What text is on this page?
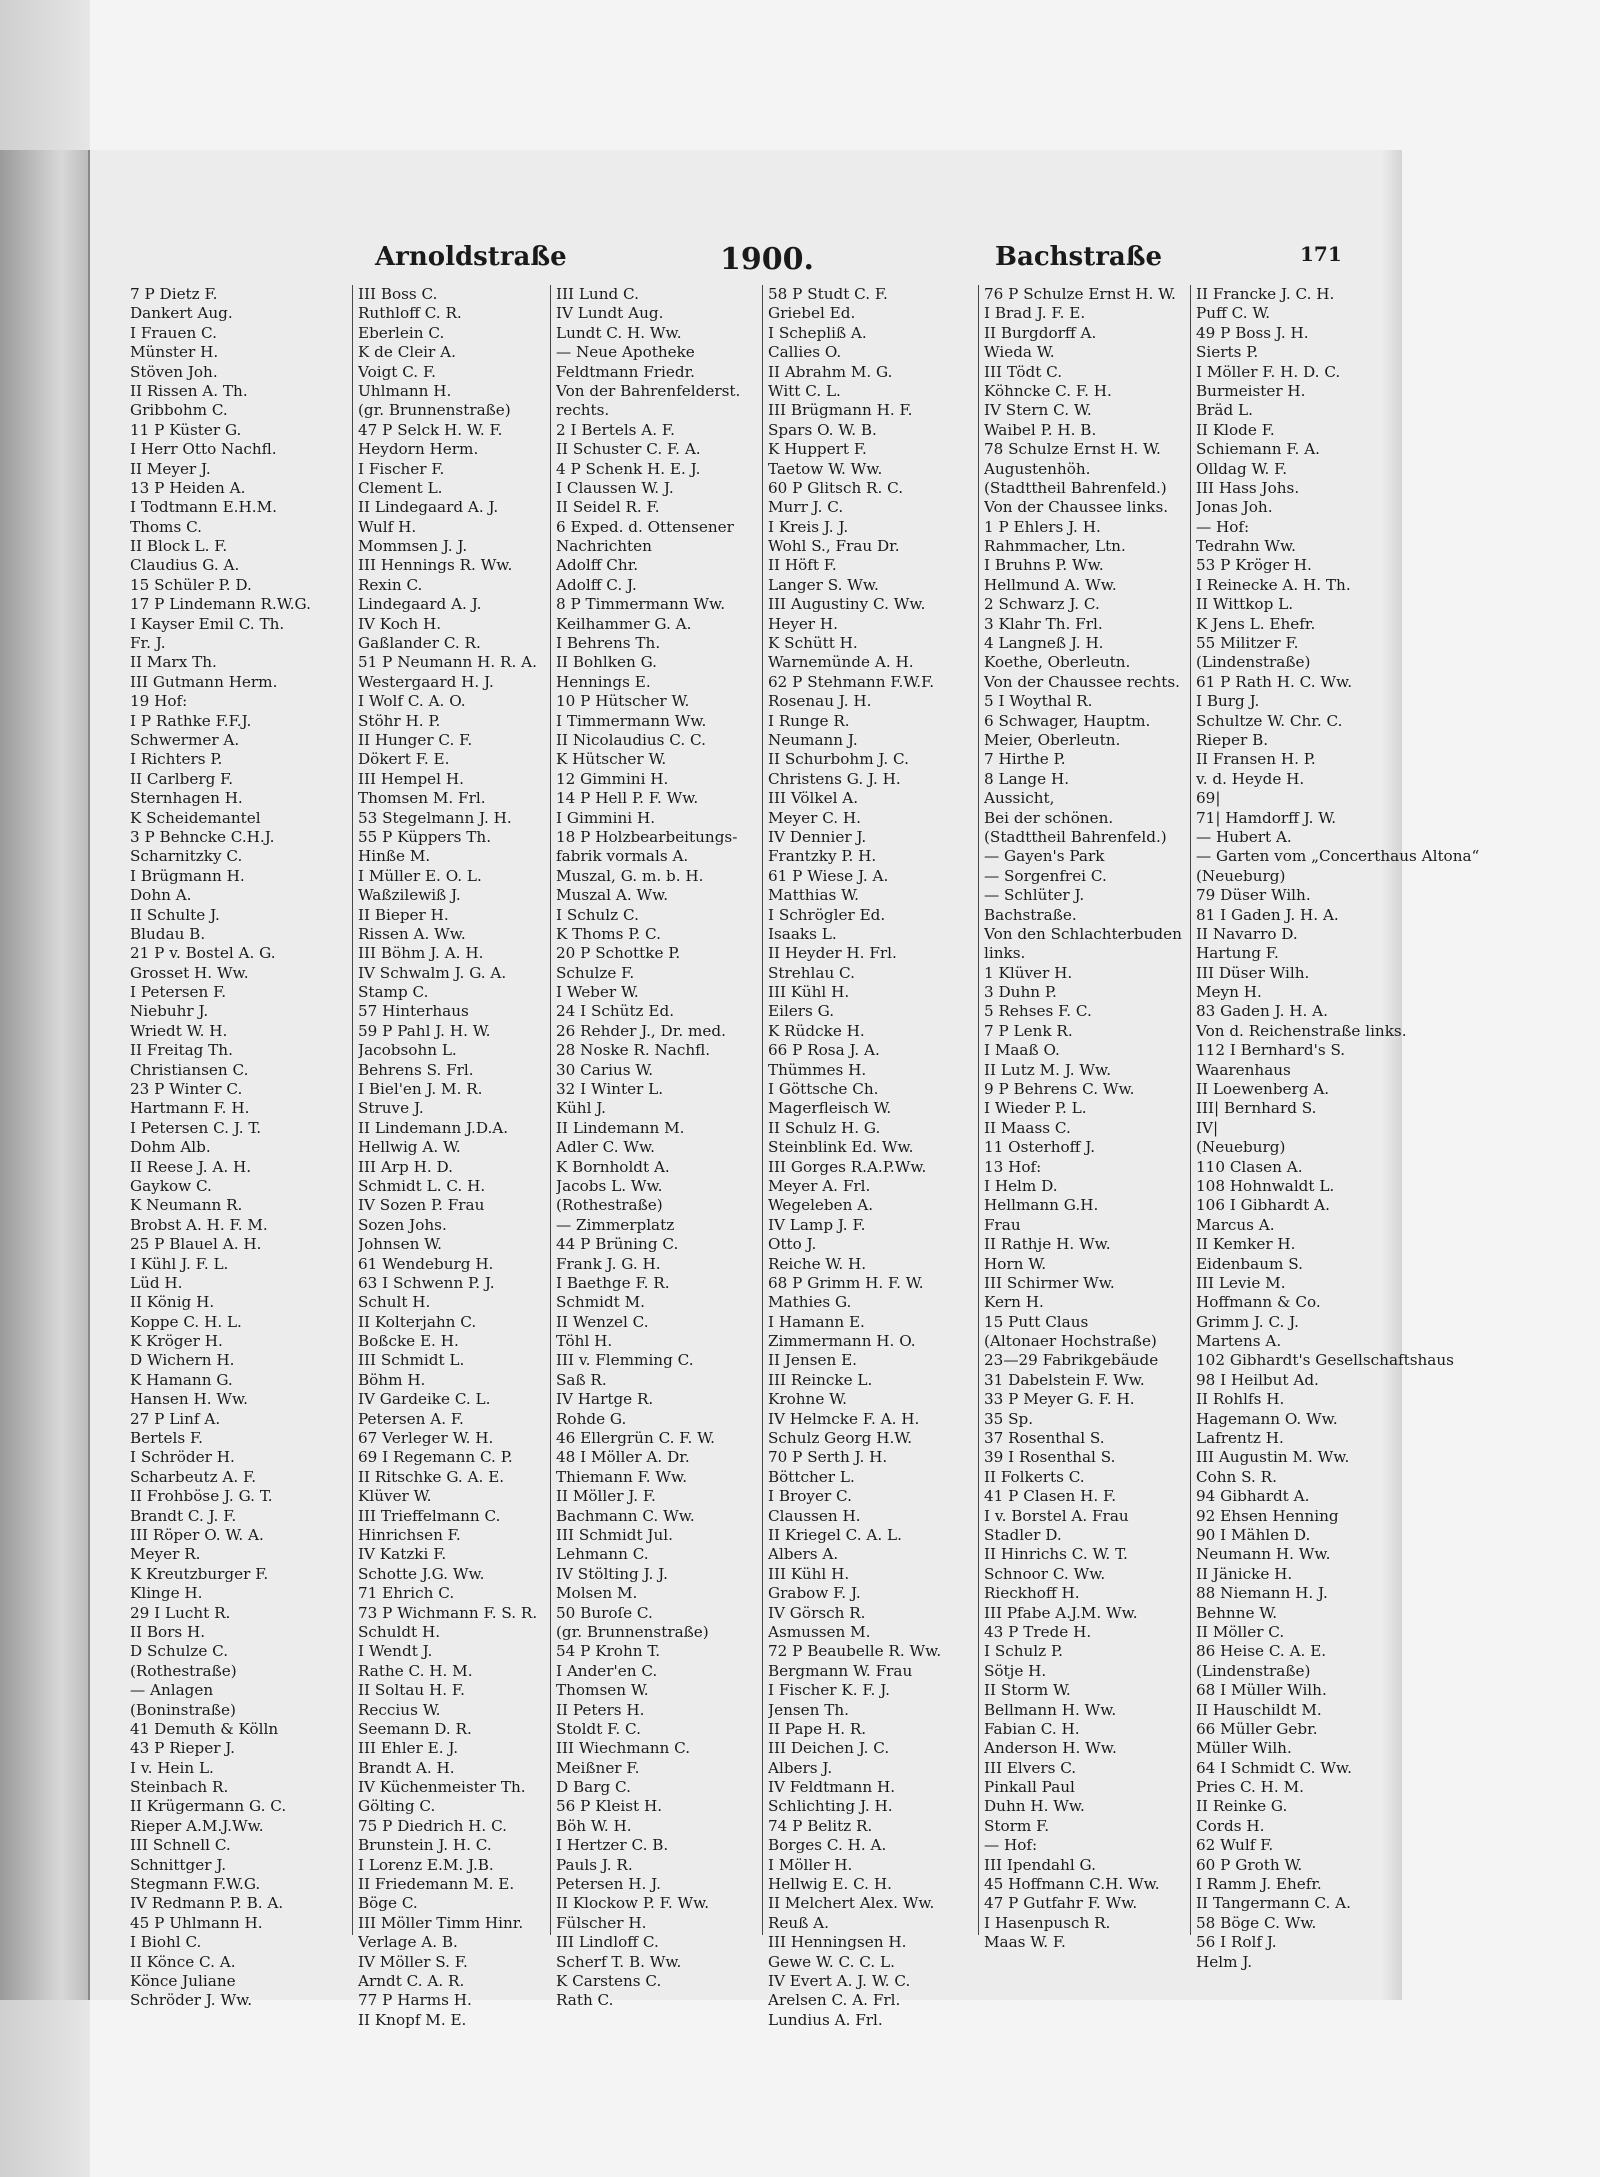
Arnoldstraße	1900.	Bachstraße	171
7 P Dietz F.
Dankert Aug.
I Frauen C.
Münster H.
Stöven Joh.
II Rissen A. Th.
Gribbohm C.
11 P Küster G.
I Herr Otto Nachfl.
II Meyer J.
13 P Heiden A.
I Todtmann E.H.M.
Thoms C.
II Block L. F.
Claudius G. A.
15 Schüler P. D.
17 P Lindemann R.W.G.
I Kayser Emil C. Th.
Fr. J.
II Marx Th.
III Gutmann Herm.
19 Hof:
I P Rathke F.F.J.
Schwermer A.
I Richters P.
II Carlberg F.
Sternhagen H.
K Scheidemantel
3 P Behncke C.H.J.
Scharnitzky C.
I Brügmann H.
Dohn A.
II Schulte J.
Bludau B.
21 P v. Bostel A. G.
Grosset H. Ww.
I Petersen F.
Niebuhr J.
Wriedt W. H.
II Freitag Th.
Christiansen C.
23 P Winter C.
Hartmann F. H.
I Petersen C. J. T.
Dohm Alb.
II Reese J. A. H.
Gaykow C.
K Neumann R.
Brobst A. H. F. M.
25 P Blauel A. H.
I Kühl J. F. L.
Lüd H.
II König H.
Koppe C. H. L.
K Kröger H.
D Wichern H.
K Hamann G.
Hansen H. Ww.
27 P Linf A.
Bertels F.
I Schröder H.
Scharbeutz A. F.
II Frohböse J. G. T.
Brandt C. J. F.
III Röper O. W. A.
Meyer R.
K Kreutzburger F.
Klinge H.
29 I Lucht R.
II Bors H.
D Schulze C.
(Rothestraße)
— Anlagen
(Boninstraße)
41 Demuth & Kölln
43 P Rieper J.
I v. Hein L.
Steinbach R.
II Krügermann G. C.
Rieper A.M.J.Ww.
III Schnell C.
Schnittger J.
Stegmann F.W.G.
IV Redmann P. B. A.
45 P Uhlmann H.
I Biohl C.
II Könce C. A.
Könce Juliane
Schröder J. Ww.
III Boss C.
Ruthloff C. R.
Eberlein C.
K de Cleir A.
Voigt C. F.
Uhlmann H.
(gr. Brunnenstraße)
47 P Selck H. W. F.
Heydorn Herm.
I Fischer F.
Clement L.
II Lindegaard A. J.
Wulf H.
Mommsen J. J.
III Hennings R. Ww.
Rexin C.
Lindegaard A. J.
IV Koch H.
Gaßlander C. R.
51 P Neumann H. R. A.
Westergaard H. J.
I Wolf C. A. O.
Stöhr H. P.
II Hunger C. F.
Dökert F. E.
III Hempel H.
Thomsen M. Frl.
53 Stegelmann J. H.
55 P Küppers Th.
Hinße M.
I Müller E. O. L.
Waßzilewiß J.
II Bieper H.
Rissen A. Ww.
III Böhm J. A. H.
IV Schwalm J. G. A.
Stamp C.
57 Hinterhaus
59 P Pahl J. H. W.
Jacobsohn L.
Behrens S. Frl.
I Biel'en J. M. R.
Struve J.
II Lindemann J.D.A.
Hellwig A. W.
III Arp H. D.
Schmidt L. C. H.
IV Sozen P. Frau
Sozen Johs.
Johnsen W.
61 Wendeburg H.
63 I Schwenn P. J.
Schult H.
II Kolterjahn C.
Boßcke E. H.
III Schmidt L.
Böhm H.
IV Gardeike C. L.
Petersen A. F.
67 Verleger W. H.
69 I Regemann C. P.
II Ritschke G. A. E.
Klüver W.
III Trieffelmann C.
Hinrichsen F.
IV Katzki F.
Schotte J.G. Ww.
71 Ehrich C.
73 P Wichmann F. S. R.
Schuldt H.
I Wendt J.
Rathe C. H. M.
II Soltau H. F.
Reccius W.
Seemann D. R.
III Ehler E. J.
Brandt A. H.
IV Küchenmeister Th.
Gölting C.
75 P Diedrich H. C.
Brunstein J. H. C.
I Lorenz E.M. J.B.
II Friedemann M. E.
Böge C.
III Möller Timm Hinr.
Verlage A. B.
IV Möller S. F.
Arndt C. A. R.
77 P Harms H.
II Knopf M. E.
III Lund C.
IV Lundt Aug.
Lundt C. H. Ww.
— Neue Apotheke
Feldtmann Friedr.
Von der Bahrenfelderst.
rechts.
2 I Bertels A. F.
II Schuster C. F. A.
4 P Schenk H. E. J.
I Claussen W. J.
II Seidel R. F.
6 Exped. d. Ottensener
Nachrichten
Adolff Chr.
Adolff C. J.
8 P Timmermann Ww.
Keilhammer G. A.
I Behrens Th.
II Bohlken G.
Hennings E.
10 P Hütscher W.
I Timmermann Ww.
II Nicolaudius C. C.
K Hütscher W.
12 Gimmini H.
14 P Hell P. F. Ww.
I Gimmini H.
18 P Holzbearbeitungs-
fabrik vormals A.
Muszal, G. m. b. H.
Muszal A. Ww.
I Schulz C.
K Thoms P. C.
20 P Schottke P.
Schulze F.
I Weber W.
24 I Schütz Ed.
26 Rehder J., Dr. med.
28 Noske R. Nachfl.
30 Carius W.
32 I Winter L.
Kühl J.
II Lindemann M.
Adler C. Ww.
K Bornholdt A.
Jacobs L. Ww.
(Rothestraße)
— Zimmerplatz
44 P Brüning C.
Frank J. G. H.
I Baethge F. R.
Schmidt M.
II Wenzel C.
Töhl H.
III v. Flemming C.
Saß R.
IV Hartge R.
Rohde G.
46 Ellergrün C. F. W.
48 I Möller A. Dr.
Thiemann F. Ww.
II Möller J. F.
Bachmann C. Ww.
III Schmidt Jul.
Lehmann C.
IV Stölting J. J.
Molsen M.
50 Buroſe C.
(gr. Brunnenstraße)
54 P Krohn T.
I Ander'en C.
Thomsen W.
II Peters H.
Stoldt F. C.
III Wiechmann C.
Meißner F.
D Barg C.
56 P Kleist H.
Böh W. H.
I Hertzer C. B.
Pauls J. R.
Petersen H. J.
II Klockow P. F. Ww.
Fülscher H.
III Lindloff C.
Scherf T. B. Ww.
K Carstens C.
Rath C.
58 P Studt C. F.
Griebel Ed.
I Schepliß A.
Callies O.
II Abrahm M. G.
Witt C. L.
III Brügmann H. F.
Spars O. W. B.
K Huppert F.
Taetow W. Ww.
60 P Glitsch R. C.
Murr J. C.
I Kreis J. J.
Wohl S., Frau Dr.
II Höft F.
Langer S. Ww.
III Augustiny C. Ww.
Heyer H.
K Schütt H.
Warnemünde A. H.
62 P Stehmann F.W.F.
Rosenau J. H.
I Runge R.
Neumann J.
II Schurbohm J. C.
Christens G. J. H.
III Völkel A.
Meyer C. H.
IV Dennier J.
Frantzky P. H.
61 P Wiese J. A.
Matthias W.
I Schrögler Ed.
Isaaks L.
II Heyder H. Frl.
Strehlau C.
III Kühl H.
Eilers G.
K Rüdcke H.
66 P Rosa J. A.
Thümmes H.
I Göttsche Ch.
Magerfleisch W.
II Schulz H. G.
Steinblink Ed. Ww.
III Gorges R.A.P.Ww.
Meyer A. Frl.
Wegeleben A.
IV Lamp J. F.
Otto J.
Reiche W. H.
68 P Grimm H. F. W.
Mathies G.
I Hamann E.
Zimmermann H. O.
II Jensen E.
III Reincke L.
Krohne W.
IV Helmcke F. A. H.
Schulz Georg H.W.
70 P Serth J. H.
Böttcher L.
I Broyer C.
Claussen H.
II Kriegel C. A. L.
Albers A.
III Kühl H.
Grabow F. J.
IV Görsch R.
Asmussen M.
72 P Beaubelle R. Ww.
Bergmann W. Frau
I Fischer K. F. J.
Jensen Th.
II Pape H. R.
III Deichen J. C.
Albers J.
IV Feldtmann H.
Schlichting J. H.
74 P Belitz R.
Borges C. H. A.
I Möller H.
Hellwig E. C. H.
II Melchert Alex. Ww.
Reuß A.
III Henningsen H.
Gewe W. C. C. L.
IV Evert A. J. W. C.
Arelsen C. A. Frl.
Lundius A. Frl.
76 P Schulze Ernst H. W.
I Brad J. F. E.
II Burgdorff A.
Wieda W.
III Tödt C.
Köhncke C. F. H.
IV Stern C. W.
Waibel P. H. B.
78 Schulze Ernst H. W.
Augustenhöh.
(Stadttheil Bahrenfeld.)
Von der Chaussee links.
1 P Ehlers J. H.
Rahmmacher, Ltn.
I Bruhns P. Ww.
Hellmund A. Ww.
2 Schwarz J. C.
3 Klahr Th. Frl.
4 Langneß J. H.
Koethe, Oberleutn.
Von der Chaussee rechts.
5 I Woythal R.
6 Schwager, Hauptm.
Meier, Oberleutn.
7 Hirthe P.
8 Lange H.
Aussicht,
Bei der schönen.
(Stadttheil Bahrenfeld.)
— Gayen's Park
— Sorgenfrei C.
— Schlüter J.
Bachstraße.
Von den Schlachterbuden
links.
1 Klüver H.
3 Duhn P.
5 Rehses F. C.
7 P Lenk R.
I Maaß O.
II Lutz M. J. Ww.
9 P Behrens C. Ww.
I Wieder P. L.
II Maass C.
11 Osterhoff J.
13 Hof:
I Helm D.
Hellmann G.H.
Frau
II Rathje H. Ww.
Horn W.
III Schirmer Ww.
Kern H.
15 Putt Claus
(Altonaer Hochstraße)
23—29 Fabrikgebäude
31 Dabelstein F. Ww.
33 P Meyer G. F. H.
35 Sp.
37 Rosenthal S.
39 I Rosenthal S.
II Folkerts C.
41 P Clasen H. F.
I v. Borstel A. Frau
Stadler D.
II Hinrichs C. W. T.
Schnoor C. Ww.
Rieckhoff H.
III Pfabe A.J.M. Ww.
43 P Trede H.
I Schulz P.
Sötje H.
II Storm W.
Bellmann H. Ww.
Fabian C. H.
Anderson H. Ww.
III Elvers C.
Pinkall Paul
Duhn H. Ww.
Storm F.
— Hof:
III Ipendahl G.
45 Hoffmann C.H. Ww.
47 P Gutfahr F. Ww.
I Hasenpusch R.
Maas W. F.
II Francke J. C. H.
Puff C. W.
49 P Boss J. H.
Sierts P.
I Möller F. H. D. C.
Burmeister H.
Bräd L.
II Klode F.
Schiemann F. A.
Olldag W. F.
III Hass Johs.
Jonas Joh.
— Hof:
Tedrahn Ww.
53 P Kröger H.
I Reinecke A. H. Th.
II Wittkop L.
K Jens L. Ehefr.
55 Militzer F.
(Lindenstraße)
61 P Rath H. C. Ww.
I Burg J.
Schultze W. Chr. C.
Rieper B.
II Fransen H. P.
v. d. Heyde H.
69|
71| Hamdorff J. W.
— Hubert A.
— Garten vom „Concerthaus Altona“
(Neueburg)
79 Düser Wilh.
81 I Gaden J. H. A.
II Navarro D.
Hartung F.
III Düser Wilh.
Meyn H.
83 Gaden J. H. A.
Von d. Reichenstraße links.
112 I Bernhard's S.
Waarenhaus
II Loewenberg A.
III| Bernhard S.
IV|
(Neueburg)
110 Clasen A.
108 Hohnwaldt L.
106 I Gibhardt A.
Marcus A.
II Kemker H.
Eidenbaum S.
III Levie M.
Hoffmann & Co.
Grimm J. C. J.
Martens A.
102 Gibhardt's Gesellschaftshaus
98 I Heilbut Ad.
II Rohlfs H.
Hagemann O. Ww.
Lafrentz H.
III Augustin M. Ww.
Cohn S. R.
94 Gibhardt A.
92 Ehsen Henning
90 I Mählen D.
Neumann H. Ww.
II Jänicke H.
88 Niemann H. J.
Behnne W.
II Möller C.
86 Heise C. A. E.
(Lindenstraße)
68 I Müller Wilh.
II Hauschildt M.
66 Müller Gebr.
Müller Wilh.
64 I Schmidt C. Ww.
Pries C. H. M.
II Reinke G.
Cords H.
62 Wulf F.
60 P Groth W.
I Ramm J. Ehefr.
II Tangermann C. A.
58 Böge C. Ww.
56 I Rolf J.
Helm J.
